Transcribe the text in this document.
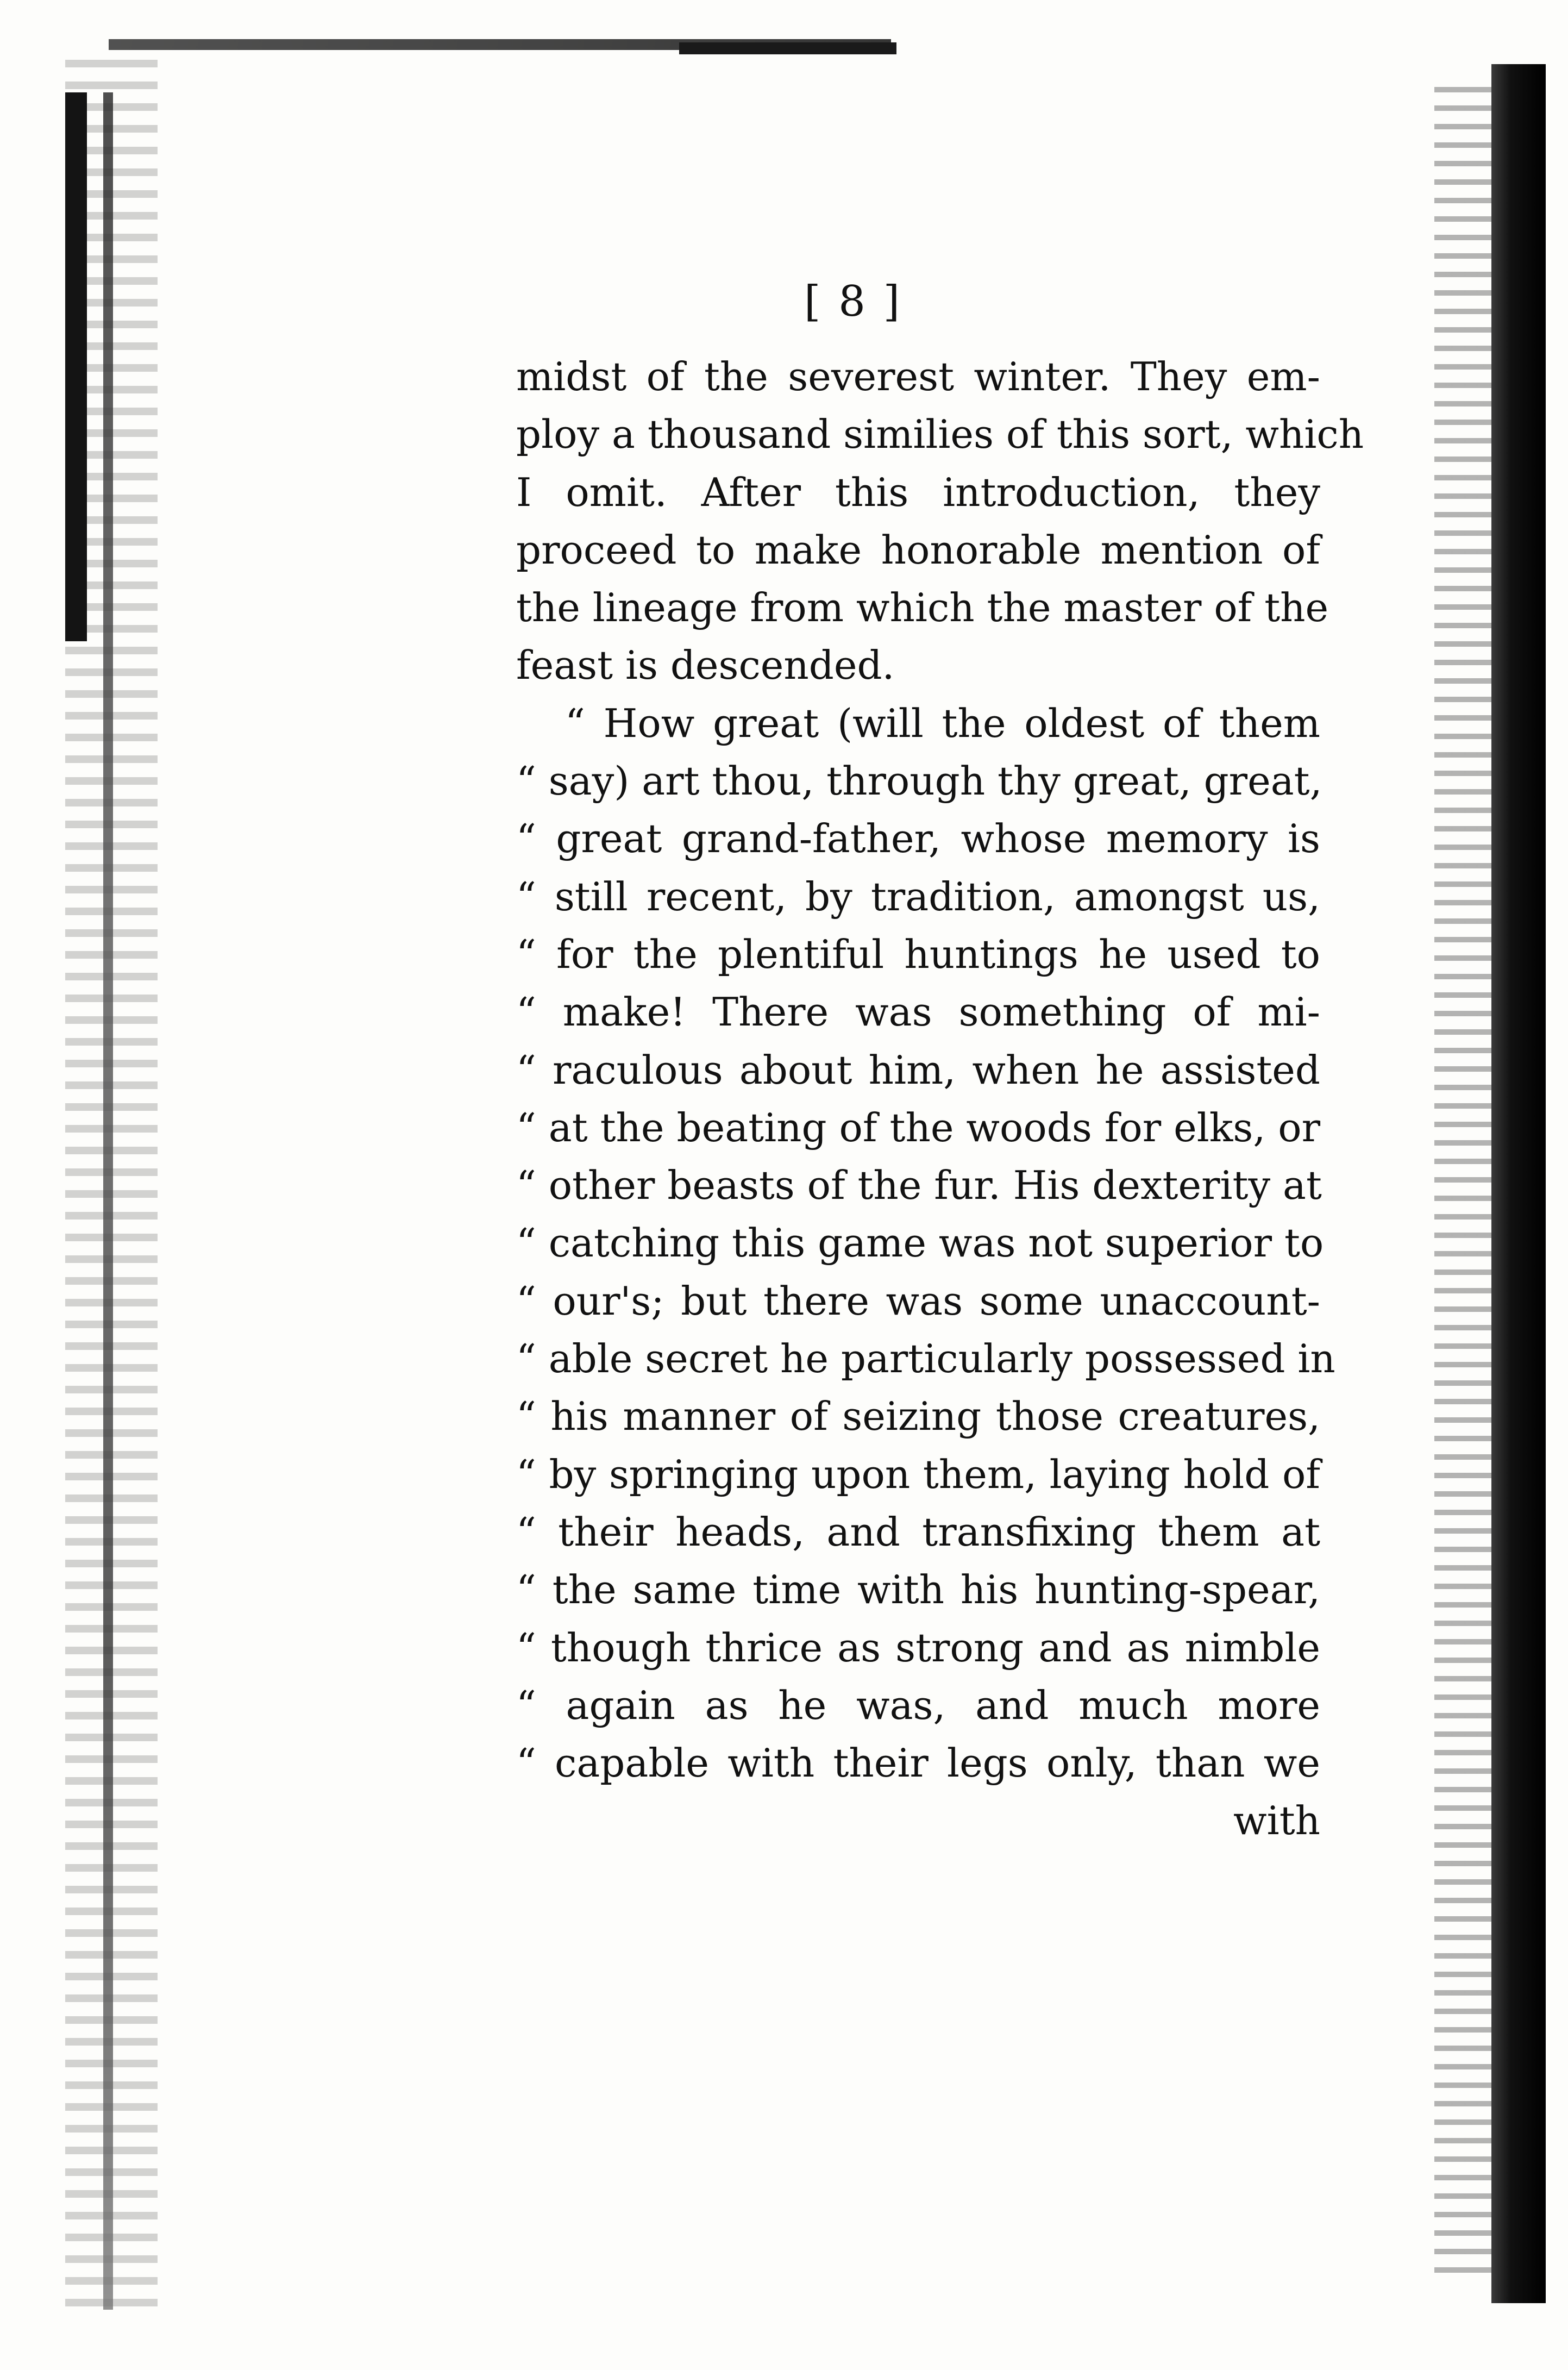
[ 8 ]
midst of the severest winter. They em-
ploy a thousand similies of this sort, which
I omit. After this introduction, they
proceed to make honorable mention of
the lineage from which the master of the
feast is descended.
“ How great (will the oldest of them
“ say) art thou, through thy great, great,
“ great grand-father, whose memory is
“ still recent, by tradition, amongst us,
“ for the plentiful huntings he used to
“ make! There was something of mi-
“ raculous about him, when he assisted
“ at the beating of the woods for elks, or
“ other beasts of the fur. His dexterity at
“ catching this game was not superior to
“ our's; but there was some unaccount-
“ able secret he particularly possessed in
“ his manner of seizing those creatures,
“ by springing upon them, laying hold of
“ their heads, and transfixing them at
“ the same time with his hunting-spear,
“ though thrice as strong and as nimble
“ again as he was, and much more
“ capable with their legs only, than we
with
